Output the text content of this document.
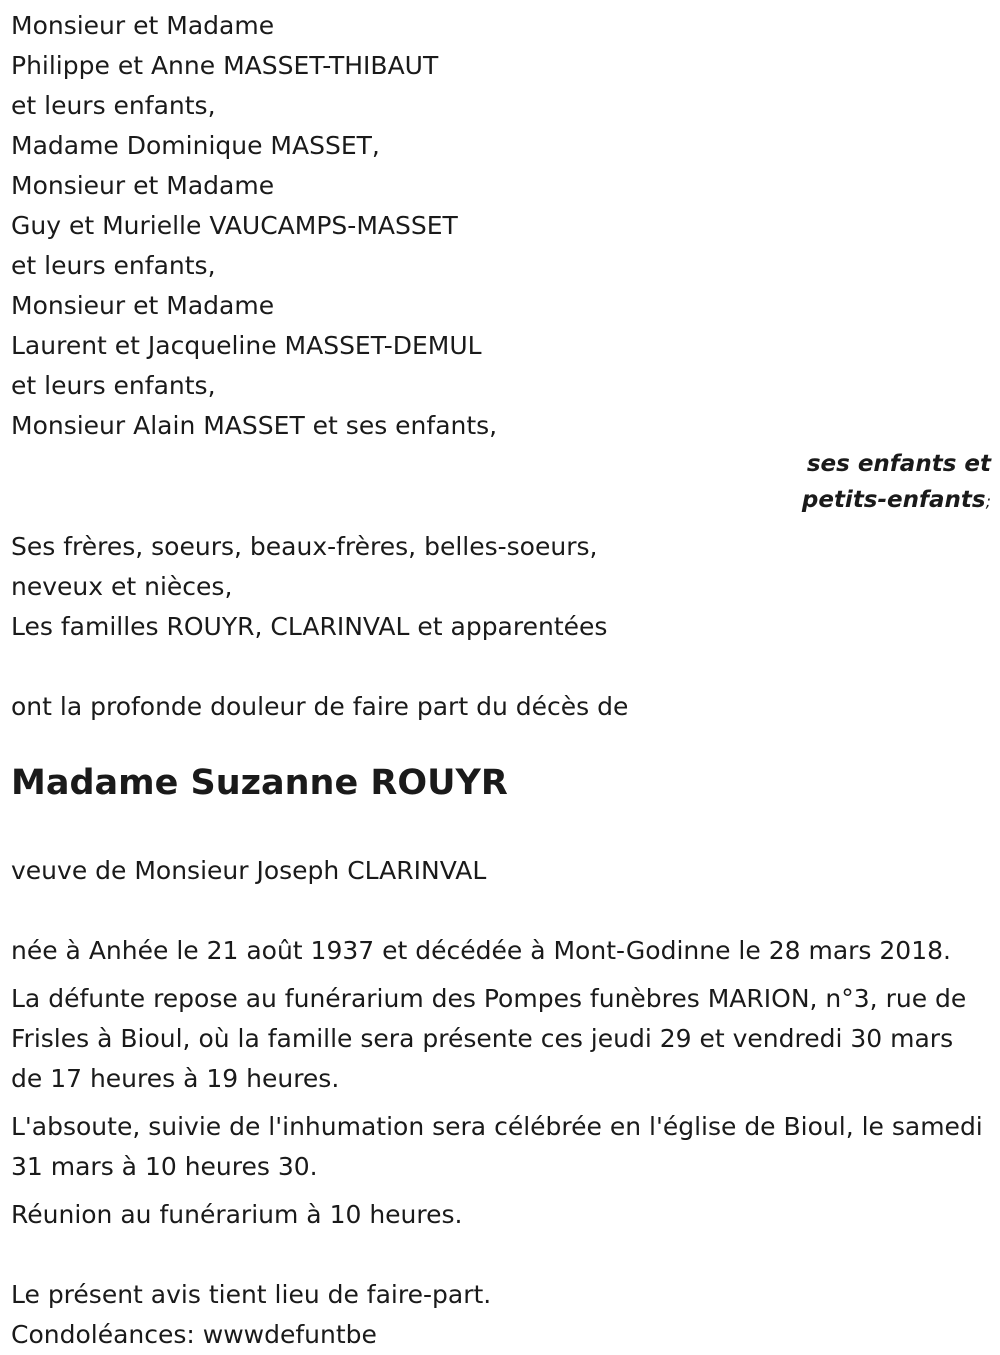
Monsieur et Madame
Philippe et Anne MASSET-THIBAUT
et leurs enfants,
Madame Dominique MASSET,
Monsieur et Madame
Guy et Murielle VAUCAMPS-MASSET
et leurs enfants,
Monsieur et Madame
Laurent et Jacqueline MASSET-DEMUL
et leurs enfants,
Monsieur Alain MASSET et ses enfants,
ses enfants et
petits-enfants;
Ses frères, soeurs, beaux-frères, belles-soeurs,
neveux et nièces,
Les familles ROUYR, CLARINVAL et apparentées
ont la profonde douleur de faire part du décès de
Madame Suzanne ROUYR
veuve de Monsieur Joseph CLARINVAL
née à Anhée le 21 août 1937 et décédée à Mont-Godinne le 28 mars 2018.
La défunte repose au funérarium des Pompes funèbres MARION, n°3, rue de Frisles à Bioul, où la famille sera présente ces jeudi 29 et vendredi 30 mars de 17 heures à 19 heures.
L'absoute, suivie de l'inhumation sera célébrée en l'église de Bioul, le samedi 31 mars à 10 heures 30.
Réunion au funérarium à 10 heures.
Le présent avis tient lieu de faire-part.
Condoléances: wwwdefuntbe
